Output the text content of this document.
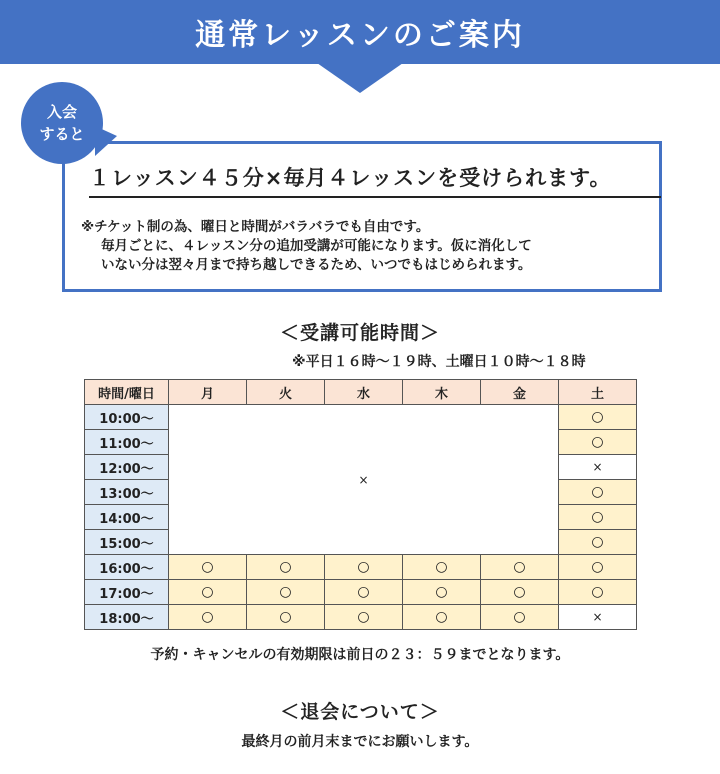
通常レッスンのご案内
入会
すると
１レッスン４５分×毎月４レッスンを受けられます。
※チケット制の為、曜日と時間がバラバラでも自由です。
毎月ごとに、４レッスン分の追加受講が可能になります。仮に消化して
いない分は翌々月まで持ち越しできるため、いつでもはじめられます。
＜受講可能時間＞
※平日１６時～１９時、土曜日１０時～１８時
時間/曜日	月	火	水	木	金	土
10:00～	×					○
11:00～						○
12:00～						×
13:00～						○
14:00～						○
15:00～						○
16:00～	○	○	○	○	○	○
17:00～	○	○	○	○	○	○
18:00～	○	○	○	○	○	×
予約・キャンセルの有効期限は前日の２３：５９までとなります。
＜退会について＞
最終月の前月末までにお願いします。
